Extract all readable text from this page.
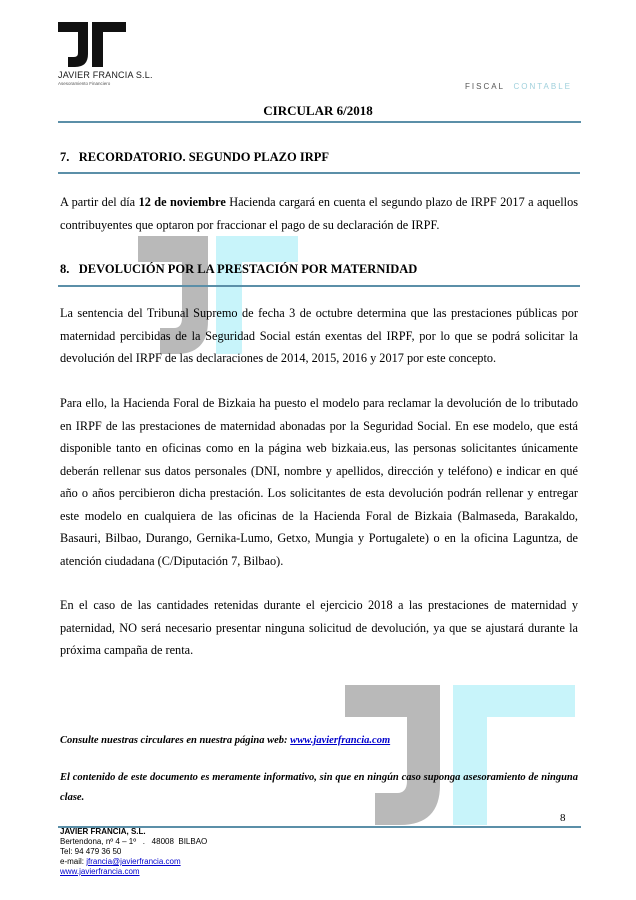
JAVIER FRANCIA S.L.
Asesoramiento Financiero	FISCAL CONTABLE
CIRCULAR 6/2018
7.   RECORDATORIO. SEGUNDO PLAZO IRPF

A partir del día 12 de noviembre Hacienda cargará en cuenta el segundo plazo de IRPF 2017 a aquellos contribuyentes que optaron por fraccionar el pago de su declaración de IRPF.

8.   DEVOLUCIÓN POR LA PRESTACIÓN POR MATERNIDAD

La sentencia del Tribunal Supremo de fecha 3 de octubre determina que las prestaciones públicas por maternidad percibidas de la Seguridad Social están exentas del IRPF, por lo que se podrá solicitar la devolución del IRPF de las declaraciones de 2014, 2015, 2016 y 2017 por este concepto.

Para ello, la Hacienda Foral de Bizkaia ha puesto el modelo para reclamar la devolución de lo tributado en IRPF de las prestaciones de maternidad abonadas por la Seguridad Social. En ese modelo, que está disponible tanto en oficinas como en la página web bizkaia.eus, las personas solicitantes únicamente deberán rellenar sus datos personales (DNI, nombre y apellidos, dirección y teléfono) e indicar en qué año o años percibieron dicha prestación. Los solicitantes de esta devolución podrán rellenar y entregar este modelo en cualquiera de las oficinas de la Hacienda Foral de Bizkaia (Balmaseda, Barakaldo, Basauri, Bilbao, Durango, Gernika-Lumo, Getxo, Mungia y Portugalete) o en la oficina Laguntza, de atención ciudadana (C/Diputación 7, Bilbao).

En el caso de las cantidades retenidas durante el ejercicio 2018 a las prestaciones de maternidad y paternidad, NO será necesario presentar ninguna solicitud de devolución, ya que se ajustará durante la próxima campaña de renta.

Consulte nuestras circulares en nuestra página web: www.javierfrancia.com
El contenido de este documento es meramente informativo, sin que en ningún caso suponga asesoramiento de ninguna clase.
8
JAVIER FRANCIA, S.L.
Bertendona, nº 4 – 1º   .   48008  BILBAO
Tel: 94 479 36 50
e-mail: jfrancia@javierfrancia.com
www.javierfrancia.com
